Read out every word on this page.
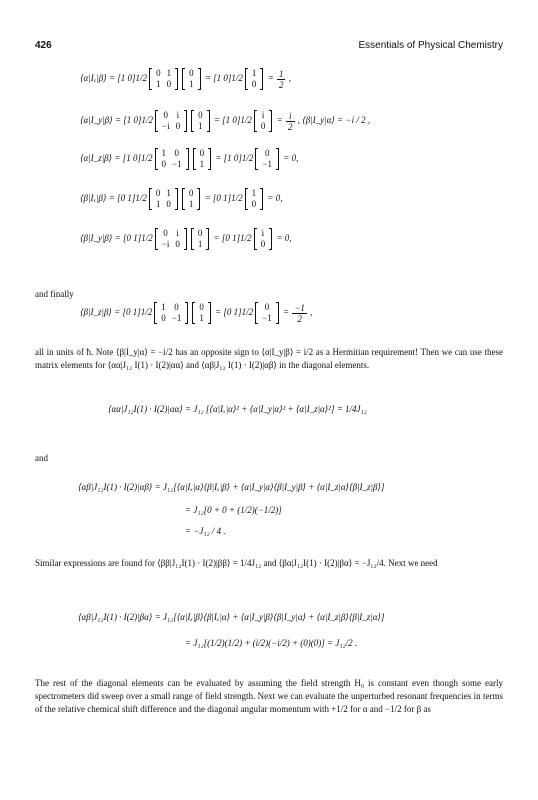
426	Essentials of Physical Chemistry
⟨α|Iₓ|β⟩ = [1 0]1/2
0	1
1	0
0
1
= [1 0]1/2
1
0
= $\frac{1}{2}$ ,
⟨α|I_y|β⟩ = [1 0]1/2
0	i
−i	0
0
1
= [1 0]1/2
i
0
= $\frac{i}{2}$ , ⟨β|I_y|α⟩ = −i / 2 ,
⟨α|I_z|β⟩ = [1 0]1/2
1	0
0	−1
0
1
= [1 0]1/2
0
−1
= 0,
⟨β|Iₓ|β⟩ = [0 1]1/2
0	1
1	0
0
1
= [0 1]1/2
1
0
= 0,
⟨β|I_y|β⟩ = [0 1]1/2
0	i
−i	0
0
1
= [0 1]1/2
i
0
= 0,
and finally
⟨β|I_z|β⟩ = [0 1]1/2
1	0
0	−1
0
1
= [0 1]1/2
0
−1
= $\frac{-1}{2}$ ,
all in units of ħ. Note ⟨β|I_y|α⟩ = −i/2 has an opposite sign to ⟨α|I_y|β⟩ = i/2 as a Hermitian requirement! Then we can use these matrix elements for ⟨αα|J₁₂ I(1) · I(2)|αα⟩ and ⟨αβ|J₁₂ I(1) · I(2)|αβ⟩ in the diagonal elements.
⟨αα|J₁₂I(1) · I(2)|αα⟩ = J₁₂ [⟨α|Iₓ|α⟩² + ⟨α|I_y|α⟩² + ⟨α|I_z|α⟩²] = 1/4J₁₂
and
⟨αβ|J₁₂I(1) · I(2)|αβ⟩ = J₁₂[⟨α|Iₓ|α⟩⟨β|Iₓ|β⟩ + ⟨α|I_y|α⟩⟨β|I_y|β⟩ + ⟨α|I_z|α⟩⟨β|I_z|β⟩]
= J₁₂[0 + 0 + (1/2)(−1/2)]
= −J₁₂ / 4 .
Similar expressions are found for ⟨ββ|J₁₂I(1) · I(2)|ββ⟩ = 1/4J₁₂ and ⟨βα|J₁₂I(1) · I(2)|βα⟩ = −J₁₂/4. Next we need
⟨αβ|J₁₂I(1) · I(2)|βα⟩ = J₁₂[⟨α|Iₓ|β⟩⟨β|Iₓ|α⟩ + ⟨α|I_y|β⟩⟨β|I_y|α⟩ + ⟨α|I_z|β⟩⟨β|I_z|α⟩]
= J₁₂[(1/2)(1/2) + (i/2)(−i/2) + (0)(0)] = J₁₂/2 .
The rest of the diagonal elements can be evaluated by assuming the field strength H₀ is constant even though some early spectrometers did sweep over a small range of field strength. Next we can evaluate the unperturbed resonant frequencies in terms of the relative chemical shift difference and the diagonal angular momentum with +1/2 for α and −1/2 for β as
